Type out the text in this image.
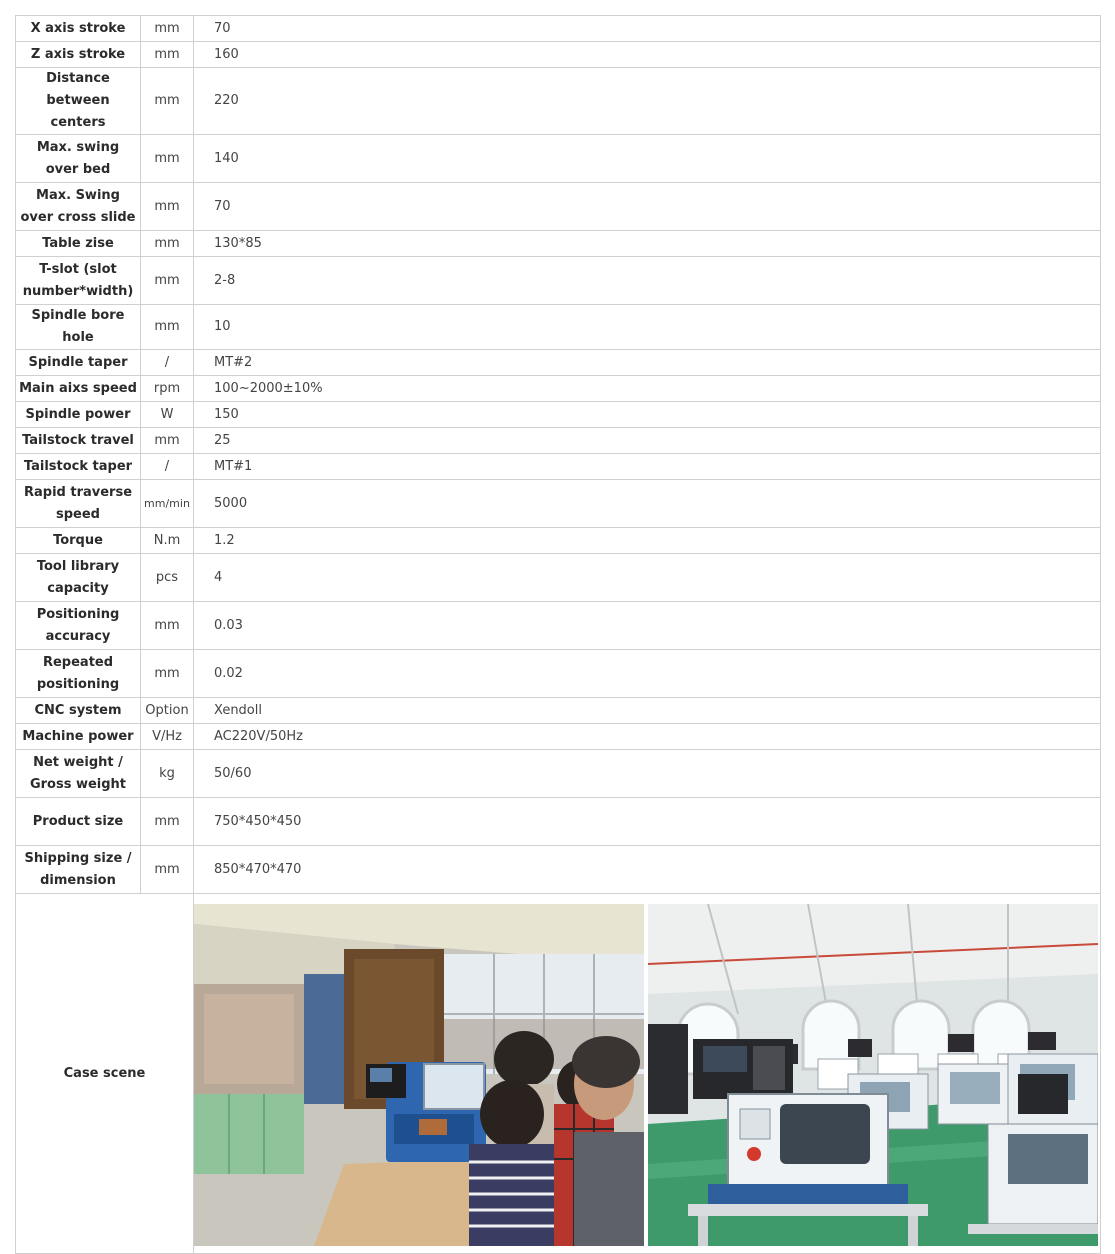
X axis stroke	mm	70
Z axis stroke	mm	160
Distance between centers	mm	220
Max. swing over bed	mm	140
Max. Swing over cross slide	mm	70
Table zise	mm	130*85
T-slot (slot number*width)	mm	2-8
Spindle bore hole	mm	10
Spindle taper	/	MT#2
Main aixs speed	rpm	100~2000±10%
Spindle power	W	150
Tailstock travel	mm	25
Tailstock taper	/	MT#1
Rapid traverse speed	mm/min	5000
Torque	N.m	1.2
Tool library capacity	pcs	4
Positioning accuracy	mm	0.03
Repeated positioning	mm	0.02
CNC system	Option	Xendoll
Machine power	V/Hz	AC220V/50Hz
Net weight / Gross weight	kg	50/60
Product size	mm	750*450*450
Shipping size / dimension	mm	850*470*470
Case scene	
